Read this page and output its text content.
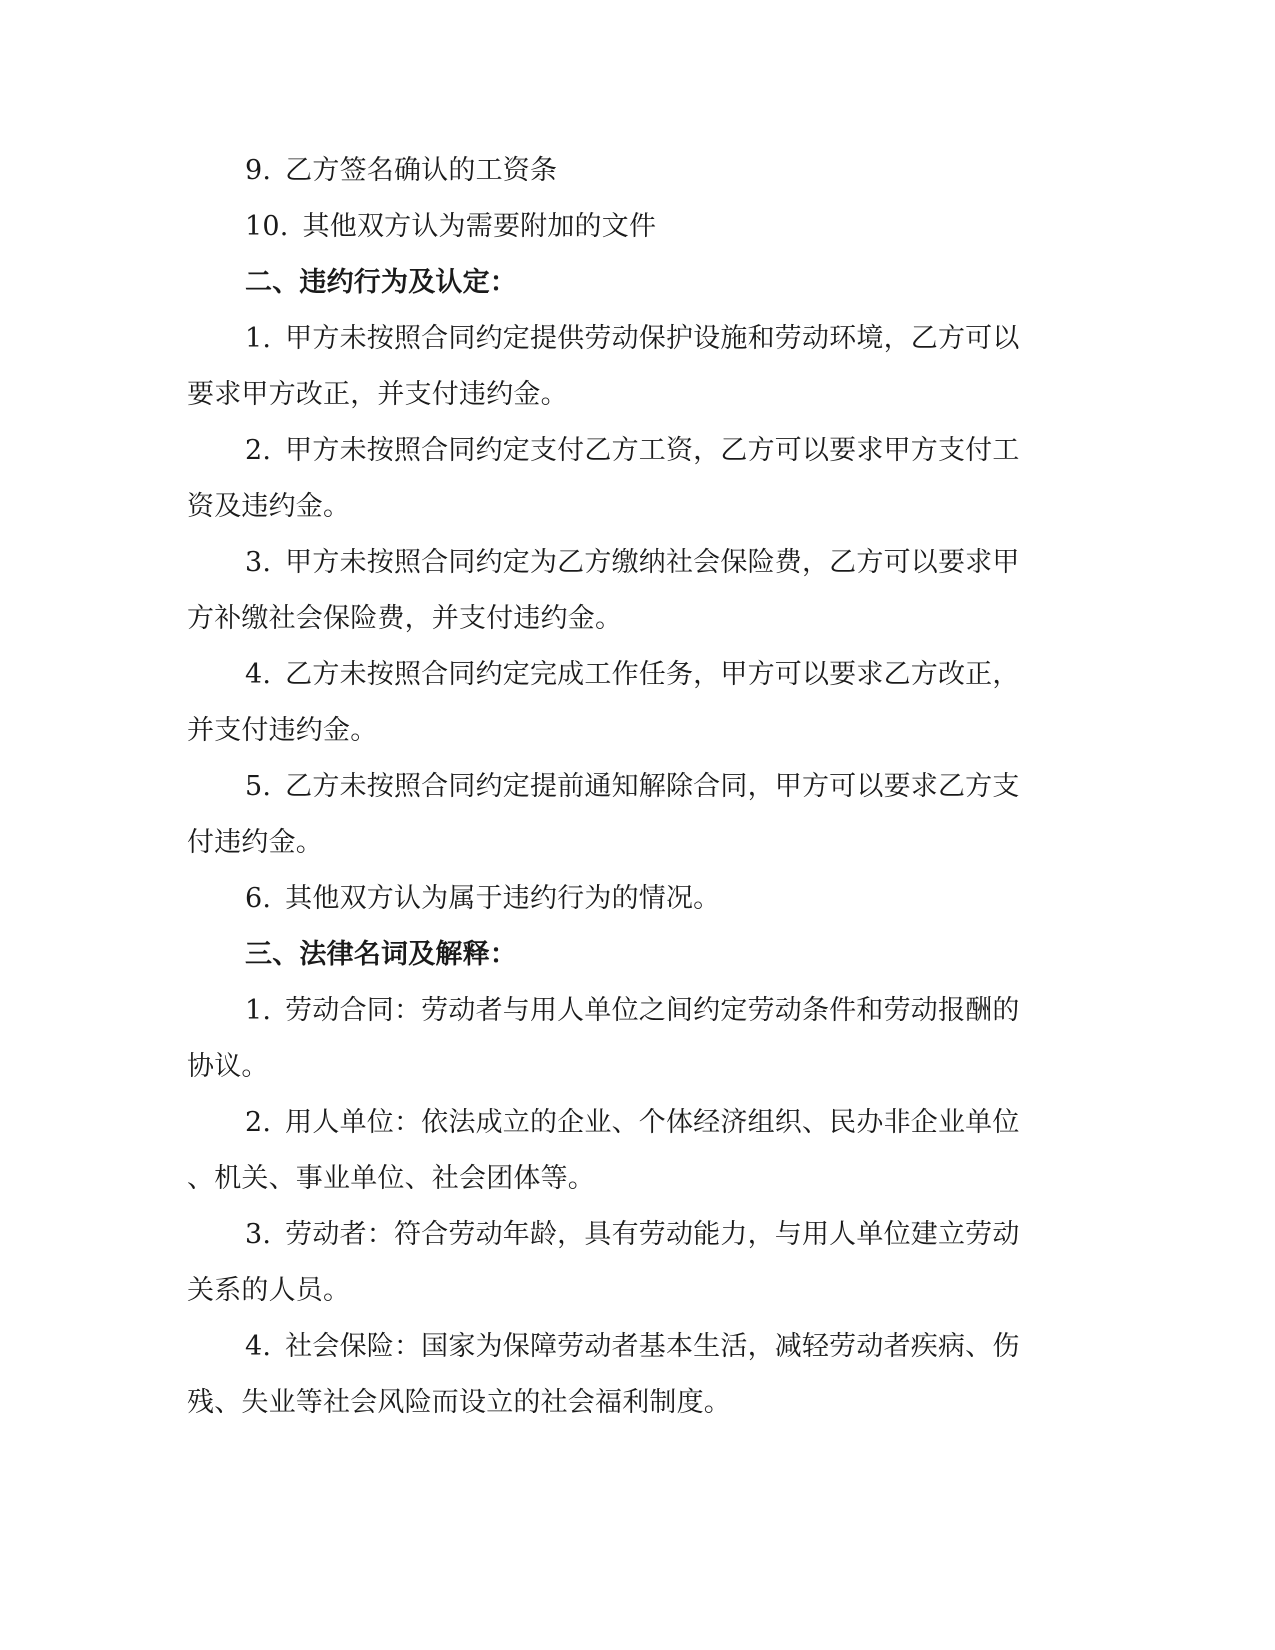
9. 乙方签名确认的工资条
10. 其他双方认为需要附加的文件
二、违约行为及认定：
1. 甲方未按照合同约定提供劳动保护设施和劳动环境，乙方可以
要求甲方改正，并支付违约金。
2. 甲方未按照合同约定支付乙方工资，乙方可以要求甲方支付工
资及违约金。
3. 甲方未按照合同约定为乙方缴纳社会保险费，乙方可以要求甲
方补缴社会保险费，并支付违约金。
4. 乙方未按照合同约定完成工作任务，甲方可以要求乙方改正，
并支付违约金。
5. 乙方未按照合同约定提前通知解除合同，甲方可以要求乙方支
付违约金。
6. 其他双方认为属于违约行为的情况。
三、法律名词及解释：
1. 劳动合同：劳动者与用人单位之间约定劳动条件和劳动报酬的
协议。
2. 用人单位：依法成立的企业、个体经济组织、民办非企业单位
、机关、事业单位、社会团体等。
3. 劳动者：符合劳动年龄，具有劳动能力，与用人单位建立劳动
关系的人员。
4. 社会保险：国家为保障劳动者基本生活，减轻劳动者疾病、伤
残、失业等社会风险而设立的社会福利制度。
